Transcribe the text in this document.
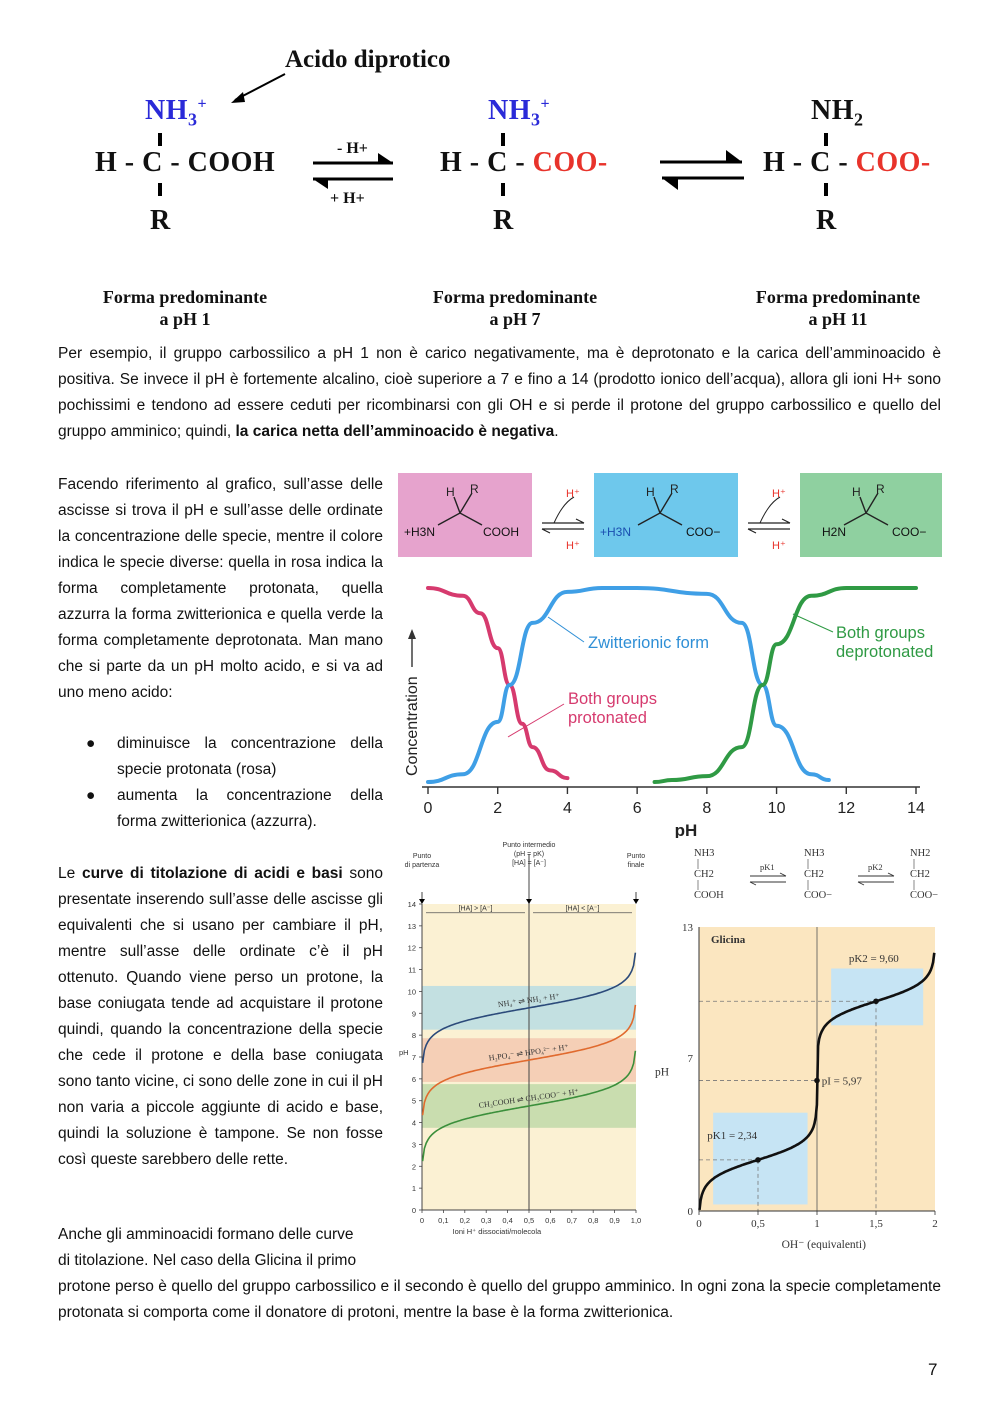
Acido diprotico
$NH_3^+$
H - C - COOH
R
- H+
+ H+
$NH_3^+$
H - C - COO-
R
$NH_2$
H - C - COO-
R
Forma predominante
a pH 1
Forma predominante
a pH 7
Forma predominante
a pH 11

Per esempio, il gruppo carbossilico a pH 1 non è carico negativamente, ma è deprotonato e la carica dell’amminoacido è positiva. Se invece il pH è fortemente alcalino, cioè superiore a 7 e fino a 14 (prodotto ionico dell’acqua), allora gli ioni H+ sono pochissimi e tendono ad essere ceduti per ricombinarsi con gli OH e si perde il protone del gruppo carbossilico e quello del gruppo amminico; quindi, la carica netta dell’amminoacido è negativa.

Facendo riferimento al grafico, sull’asse delle ascisse si trova il pH e sull’asse delle ordinate la concentrazione delle specie, mentre il colore indica le specie diverse: quella in rosa indica la forma completamente protonata, quella azzurra la forma zwitterionica e quella verde la forma completamente deprotonata. Man mano che si parte da un pH molto acido, e si va ad uno meno acido:

● diminuisce la concentrazione della specie protonata (rosa)
● aumenta la concentrazione della forma zwitterionica (azzurra).

Le curve di titolazione di acidi e basi sono presentate inserendo sull’asse delle ascisse gli equivalenti che si usano per cambiare il pH, mentre sull’asse delle ordinate c’è il pH ottenuto. Quando viene perso un protone, la base coniugata tende ad acquistare il protone quindi, quando la concentrazione della specie che cede il protone e della base coniugata sono tanto vicine, ci sono delle zone in cui il pH non varia a piccole aggiunte di acido e base, quindi la soluzione è tampone. Se non fosse così queste sarebbero delle rette.

Anche gli amminoacidi formano delle curve
di titolazione. Nel caso della Glicina il primo

protone perso è quello del gruppo carbossilico e il secondo è quello del gruppo amminico. In ogni zona la specie completamente protonata si comporta come il donatore di protoni, mentre la base è la forma zwitterionica.

7
H R	H R	H R
H⁺
H⁺
H⁺
H⁺
+H3N	COOH	+H3N	COO−	H2N	COO−
0	2	4	6	8	10	12	14
pH
Concentration
Zwitterionic form
Both groups
protonated
Both groups
deprotonated
Punto
di partenza
Punto intermedio
(pH = pK)
[HA] = [A⁻]
Punto
finale
[HA] > [A⁻]	[HA] < [A⁻]
0
1
2
3
4
5
6
7
8
9
10
11
12
13
14
0 0,1 0,2 0,3 0,4 0,5 0,6 0,7 0,8 0,9 1,0
Ioni H⁺ dissociati/molecola
pH
NH₄⁺ ⇌ NH₃ + H⁺
H₂PO₄⁻ ⇌ HPO₄²⁻ + H⁺
CH₃COOH ⇌ CH₃COO⁻ + H⁺
NH3
CH2
COOH
NH3
CH2
COO−
NH2
CH2
COO−
pK1	pK2
0	0,5	1	1,5	2
0
7
13
OH⁻ (equivalenti)
pH
Glicina
pK1 = 2,34
pI = 5,97
pK2 = 9,60
